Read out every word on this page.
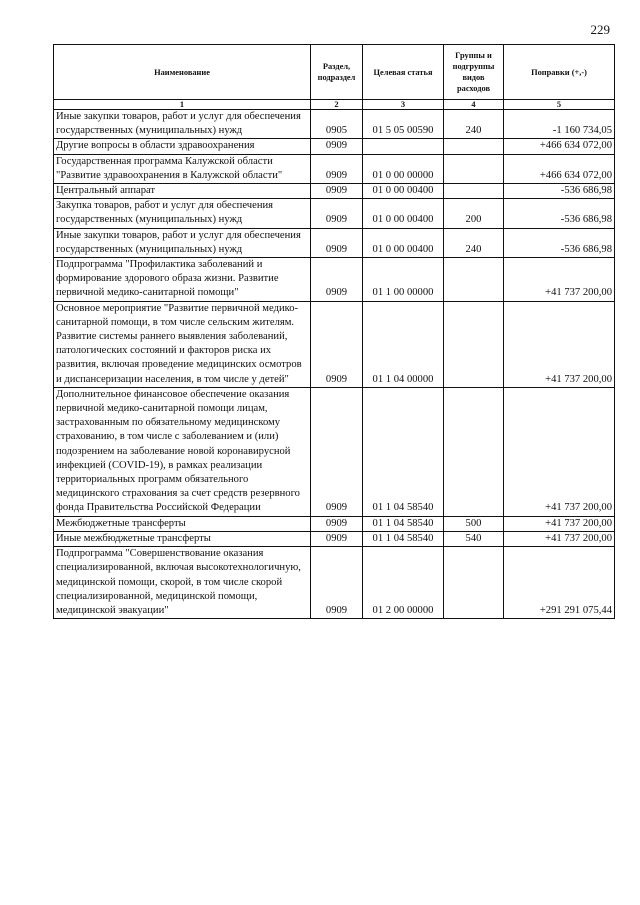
229
Наименование	Раздел, подраздел	Целевая статья	Группы и подгруппы видов расходов	Поправки (+,-)
1	2	3	4	5
Иные закупки товаров, работ и услуг для обеспечения государственных (муниципальных) нужд	0905	01 5 05 00590	240	-1 160 734,05
Другие вопросы в области здравоохранения	0909			+466 634 072,00
Государственная программа Калужской области "Развитие здравоохранения в Калужской области"	0909	01 0 00 00000		+466 634 072,00
Центральный аппарат	0909	01 0 00 00400		-536 686,98
Закупка товаров, работ и услуг для обеспечения государственных (муниципальных) нужд	0909	01 0 00 00400	200	-536 686,98
Иные закупки товаров, работ и услуг для обеспечения государственных (муниципальных) нужд	0909	01 0 00 00400	240	-536 686,98
Подпрограмма "Профилактика заболеваний и формирование здорового образа жизни. Развитие первичной медико-санитарной помощи"	0909	01 1 00 00000		+41 737 200,00
Основное мероприятие "Развитие первичной медико-санитарной помощи, в том числе сельским жителям. Развитие системы раннего выявления заболеваний, патологических состояний и факторов риска их развития, включая проведение медицинских осмотров и диспансеризации населения, в том числе у детей"	0909	01 1 04 00000		+41 737 200,00
Дополнительное финансовое обеспечение оказания первичной медико-санитарной помощи лицам, застрахованным по обязательному медицинскому страхованию, в том числе с заболеванием и (или) подозрением на заболевание новой коронавирусной инфекцией (COVID-19), в рамках реализации территориальных программ обязательного медицинского страхования за счет средств резервного фонда Правительства Российской Федерации	0909	01 1 04 58540		+41 737 200,00
Межбюджетные трансферты	0909	01 1 04 58540	500	+41 737 200,00
Иные межбюджетные трансферты	0909	01 1 04 58540	540	+41 737 200,00
Подпрограмма "Совершенствование оказания специализированной, включая высокотехнологичную, медицинской помощи, скорой, в том числе скорой специализированной, медицинской помощи, медицинской эвакуации"	0909	01 2 00 00000		+291 291 075,44
